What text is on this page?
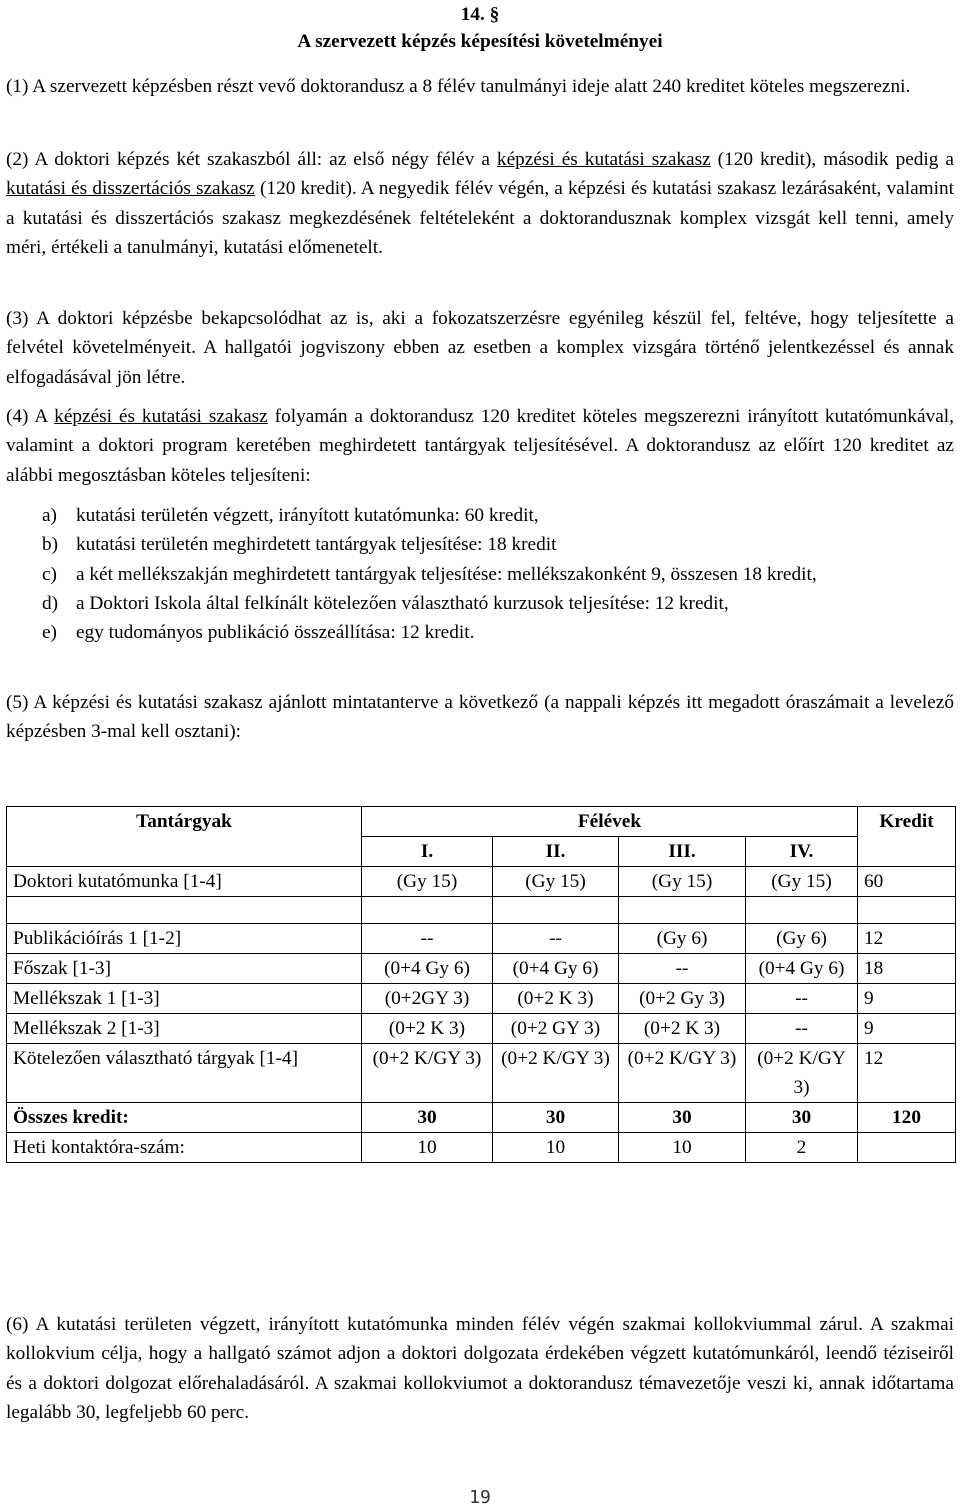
14. §
A szervezett képzés képesítési követelményei
(1) A szervezett képzésben részt vevő doktorandusz a 8 félév tanulmányi ideje alatt 240 kreditet köteles megszerezni.
(2) A doktori képzés két szakaszból áll: az első négy félév a képzési és kutatási szakasz (120 kredit), második pedig a kutatási és disszertációs szakasz (120 kredit). A negyedik félév végén, a képzési és kutatási szakasz lezárásaként, valamint a kutatási és disszertációs szakasz megkezdésének feltételeként a doktorandusznak komplex vizsgát kell tenni, amely méri, értékeli a tanulmányi, kutatási előmenetelt.
(3) A doktori képzésbe bekapcsolódhat az is, aki a fokozatszerzésre egyénileg készül fel, feltéve, hogy teljesítette a felvétel követelményeit. A hallgatói jogviszony ebben az esetben a komplex vizsgára történő jelentkezéssel és annak elfogadásával jön létre.
(4) A képzési és kutatási szakasz folyamán a doktorandusz 120 kreditet köteles megszerezni irányított kutatómunkával, valamint a doktori program keretében meghirdetett tantárgyak teljesítésével. A doktorandusz az előírt 120 kreditet az alábbi megosztásban köteles teljesíteni:
a) kutatási területén végzett, irányított kutatómunka: 60 kredit,
b) kutatási területén meghirdetett tantárgyak teljesítése: 18 kredit
c) a két mellékszakján meghirdetett tantárgyak teljesítése: mellékszakonként 9, összesen 18 kredit,
d) a Doktori Iskola által felkínált kötelezően választható kurzusok teljesítése: 12 kredit,
e) egy tudományos publikáció összeállítása: 12 kredit.
(5) A képzési és kutatási szakasz ajánlott mintatanterve a következő (a nappali képzés itt megadott óraszámait a levelező képzésben 3-mal kell osztani):
Tantárgyak	Félévek				Kredit
	I.	II.	III.	IV.	
Doktori kutatómunka [1-4]	(Gy 15)	(Gy 15)	(Gy 15)	(Gy 15)	60

Publikációírás 1 [1-2]	--	--	(Gy 6)	(Gy 6)	12
Főszak [1-3]	(0+4 Gy 6)	(0+4 Gy 6)	--	(0+4 Gy 6)	18
Mellékszak 1 [1-3]	(0+2GY 3)	(0+2 K 3)	(0+2 Gy 3)	--	9
Mellékszak 2 [1-3]	(0+2 K 3)	(0+2 GY 3)	(0+2 K 3)	--	9
Kötelezően választható tárgyak [1-4]	(0+2 K/GY 3)	(0+2 K/GY 3)	(0+2 K/GY 3)	(0+2 K/GY 3)	12
Összes kredit:	30	30	30	30	120
Heti kontaktóra-szám:	10	10	10	2	
(6) A kutatási területen végzett, irányított kutatómunka minden félév végén szakmai kollokviummal zárul. A szakmai kollokvium célja, hogy a hallgató számot adjon a doktori dolgozata érdekében végzett kutatómunkáról, leendő téziseiről és a doktori dolgozat előrehaladásáról. A szakmai kollokviumot a doktorandusz témavezetője veszi ki, annak időtartama legalább 30, legfeljebb 60 perc.
19
